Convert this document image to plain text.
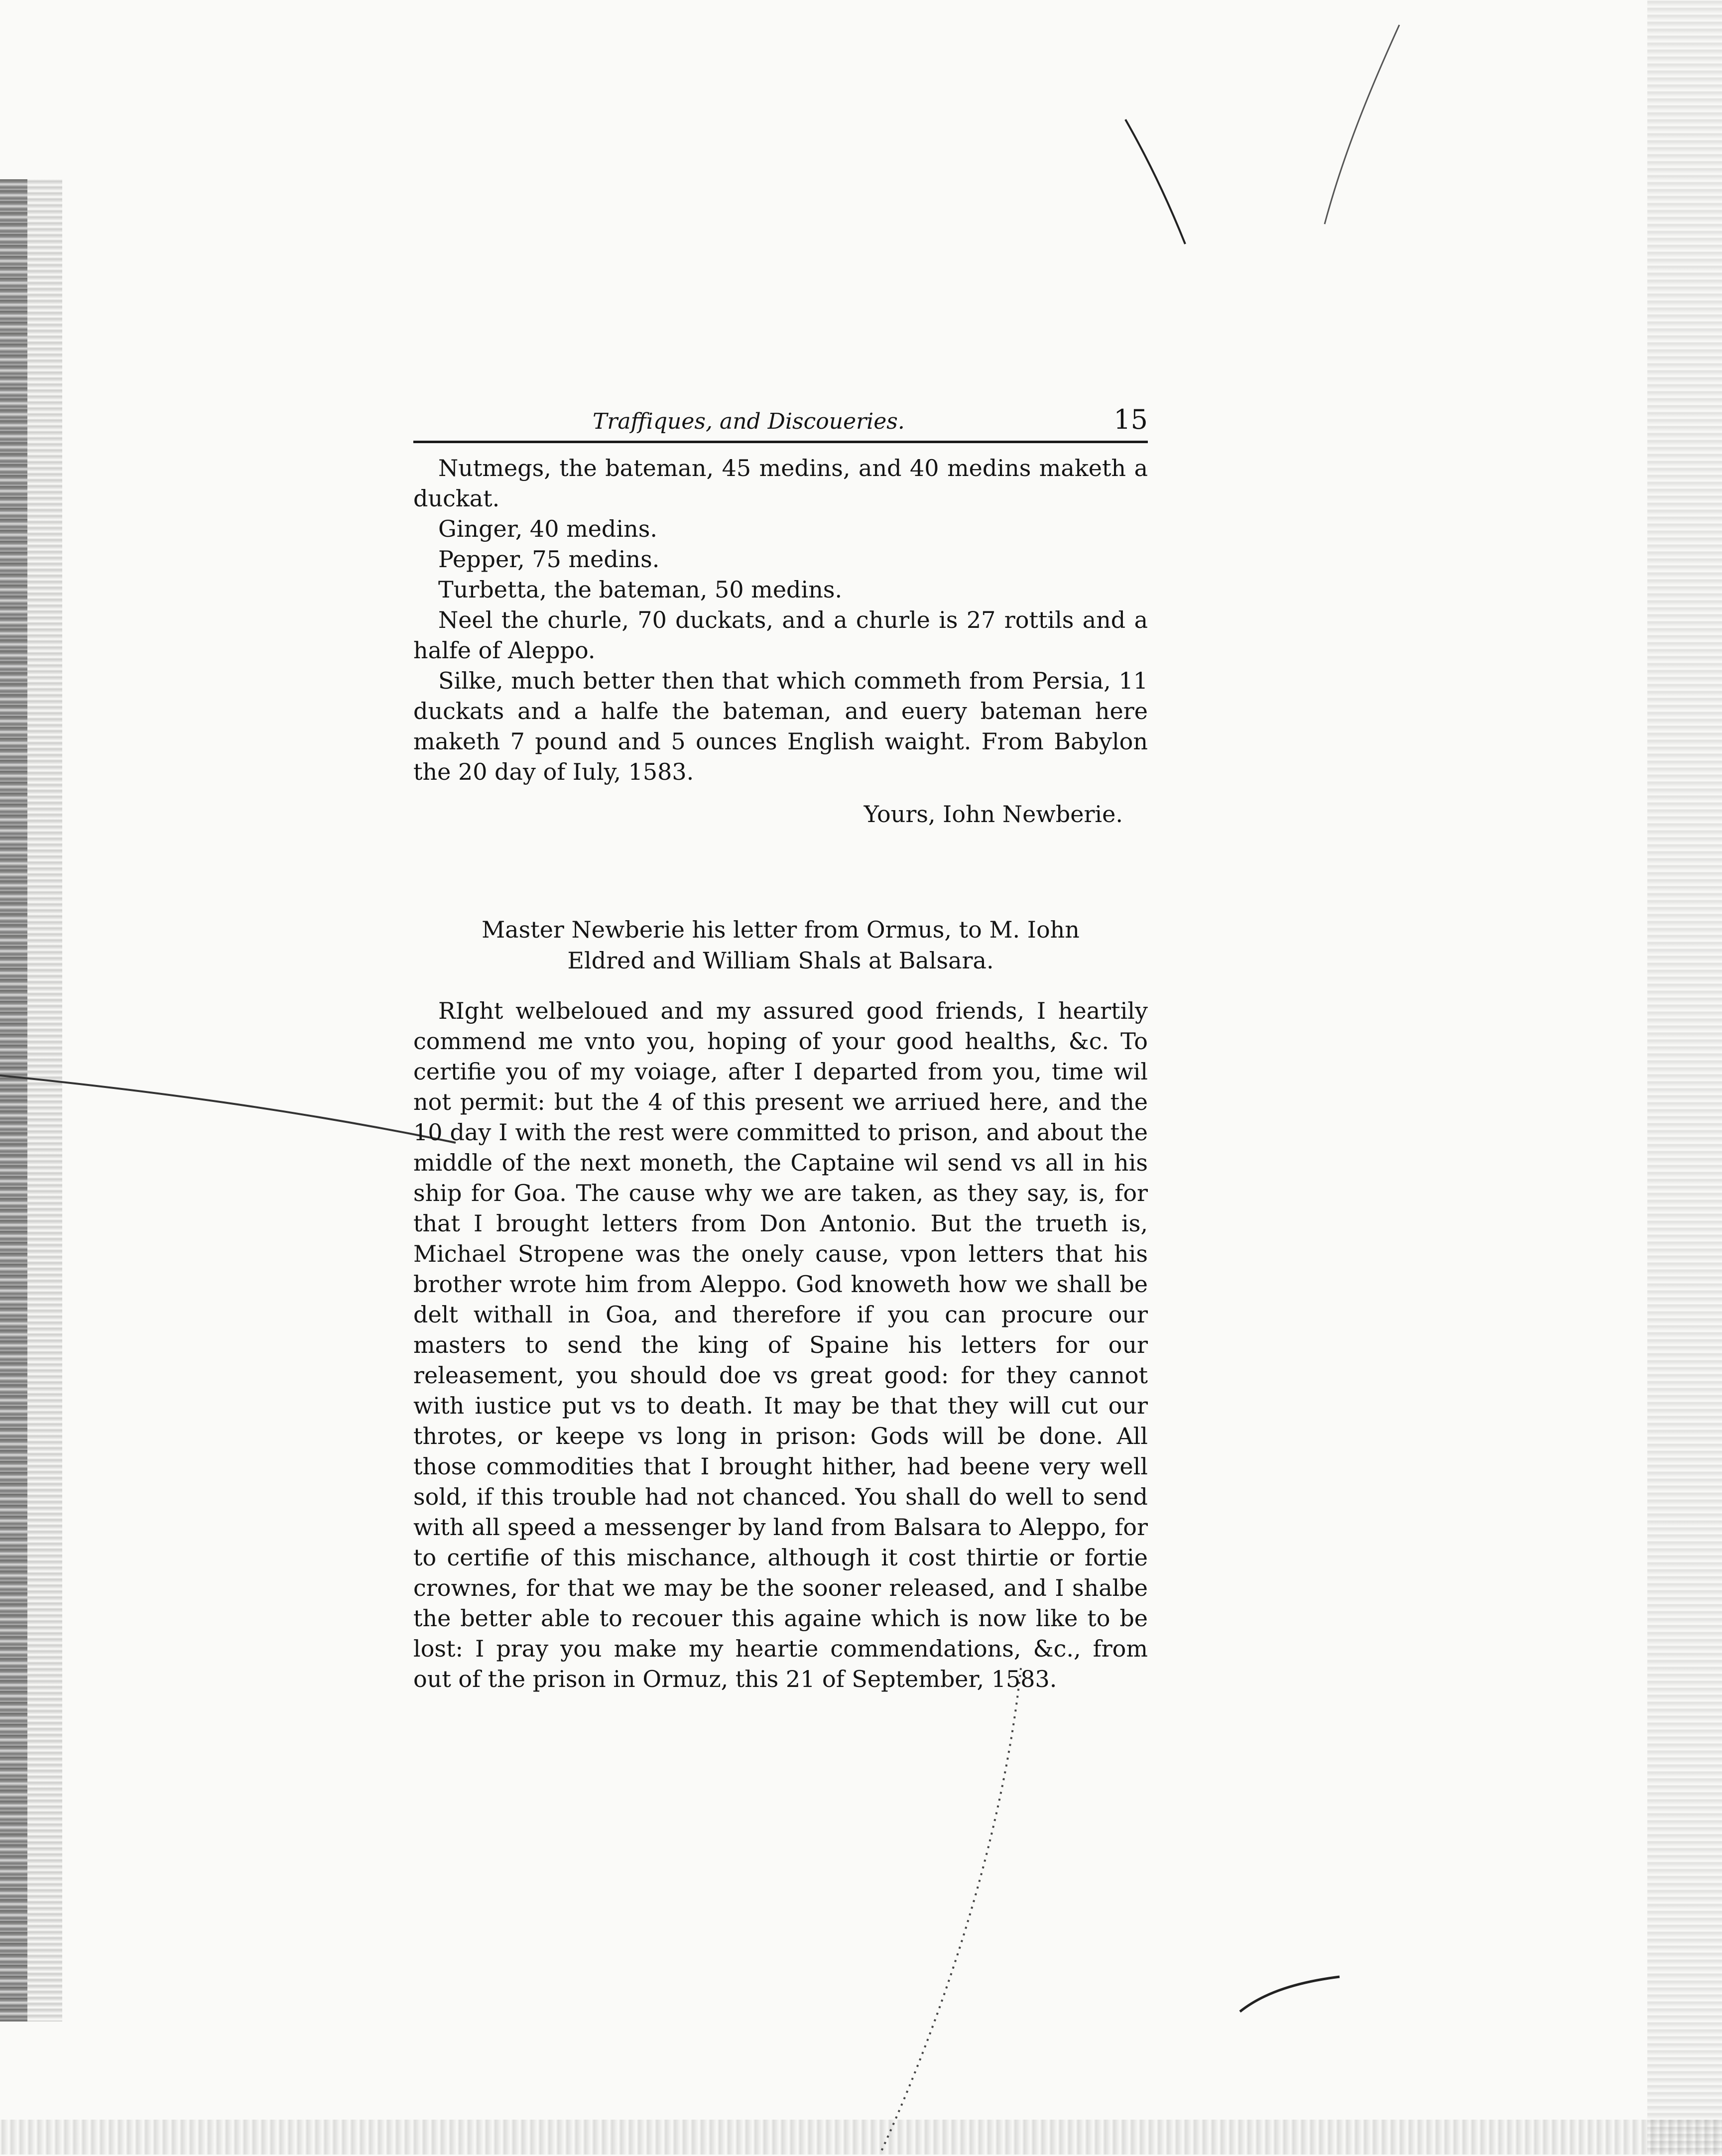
Traffiques, and Discoueries.	15

Nutmegs, the bateman, 45 medins, and 40 medins maketh a duckat.

Ginger, 40 medins.

Pepper, 75 medins.

Turbetta, the bateman, 50 medins.

Neel the churle, 70 duckats, and a churle is 27 rottils and a halfe of Aleppo.

Silke, much better then that which commeth from Persia, 11 duckats and a halfe the bateman, and euery bateman here maketh 7 pound and 5 ounces English waight. From Babylon the 20 day of Iuly, 1583.

Yours, Iohn Newberie.

Master Newberie his letter from Ormus, to M. Iohn
Eldred and William Shals at Balsara.

RIght welbeloued and my assured good friends, I heartily commend me vnto you, hoping of your good healths, &c. To certifie you of my voiage, after I departed from you, time wil not permit: but the 4 of this present we arriued here, and the 10 day I with the rest were committed to prison, and about the middle of the next moneth, the Captaine wil send vs all in his ship for Goa. The cause why we are taken, as they say, is, for that I brought letters from Don Antonio. But the trueth is, Michael Stropene was the onely cause, vpon letters that his brother wrote him from Aleppo. God knoweth how we shall be delt withall in Goa, and therefore if you can procure our masters to send the king of Spaine his letters for our releasement, you should doe vs great good: for they cannot with iustice put vs to death. It may be that they will cut our throtes, or keepe vs long in prison: Gods will be done. All those commodities that I brought hither, had beene very well sold, if this trouble had not chanced. You shall do well to send with all speed a messenger by land from Balsara to Aleppo, for to certifie of this mischance, although it cost thirtie or fortie crownes, for that we may be the sooner released, and I shalbe the better able to recouer this againe which is now like to be lost: I pray you make my heartie commendations, &c., from out of the prison in Ormuz, this 21 of September, 1583.
